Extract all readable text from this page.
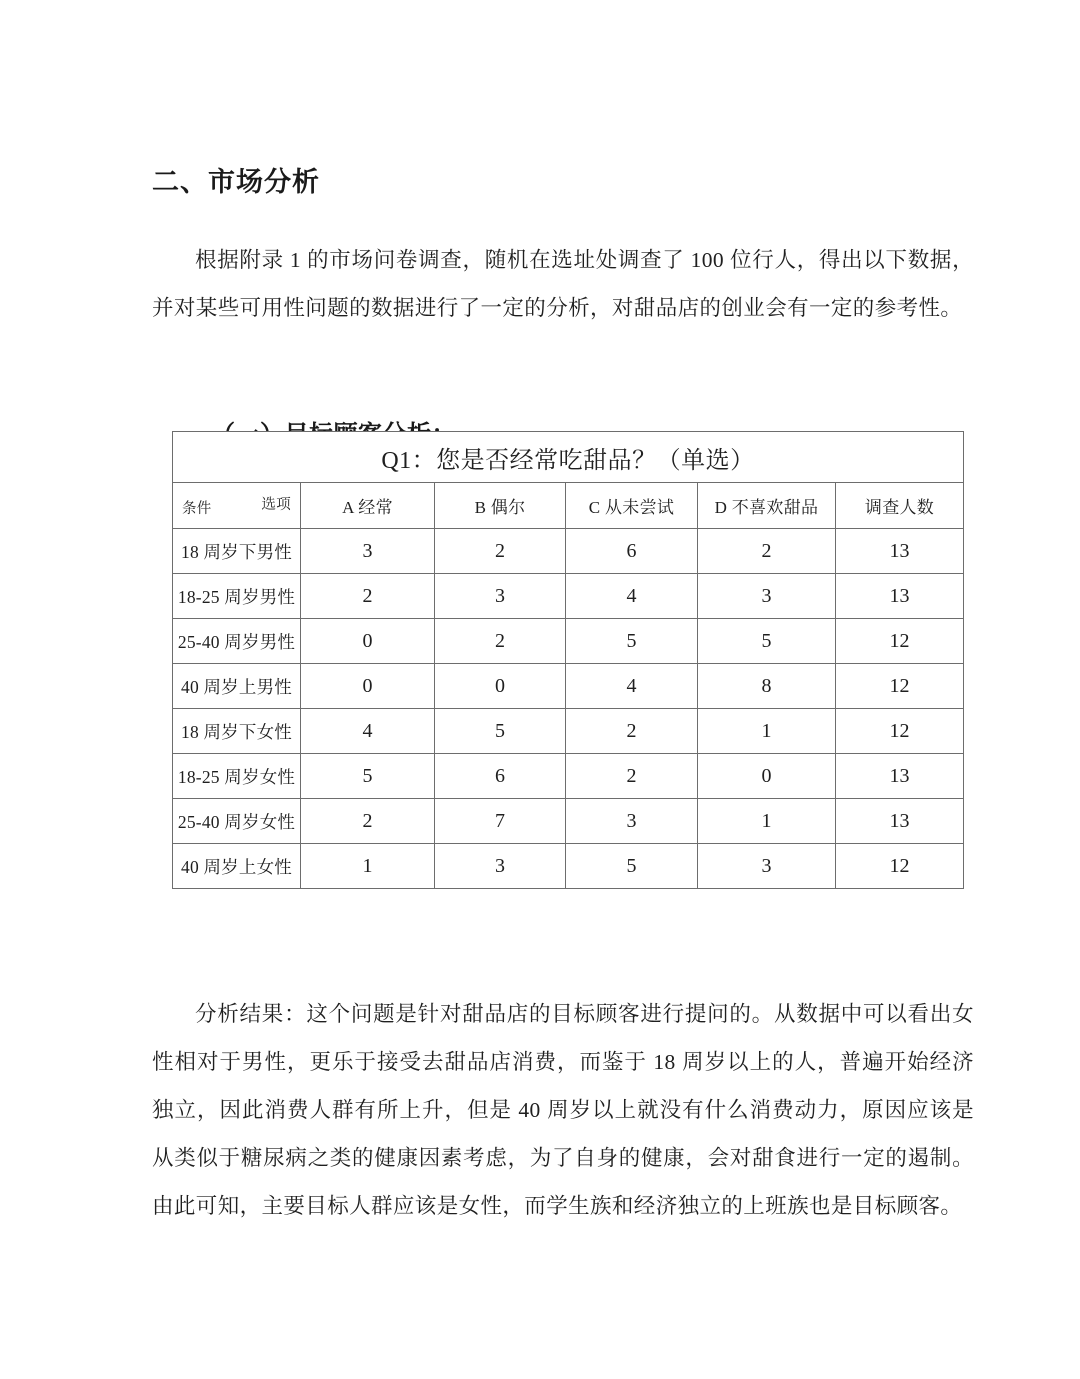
二、市场分析

根据附录 1 的市场问卷调查，随机在选址处调查了 100 位行人，得出以下数据，并对某些可用性问题的数据进行了一定的分析，对甜品店的创业会有一定的参考性。

Q1：您是否经常吃甜品？（单选）					

条件 选项	A 经常	B 偶尔	C 从未尝试	D 不喜欢甜品	调查人数
18 周岁下男性	3	2	6	2	13
18-25 周岁男性	2	3	4	3	13
25-40 周岁男性	0	2	5	5	12
40 周岁上男性	0	0	4	8	12
18 周岁下女性	4	5	2	1	12
18-25 周岁女性	5	6	2	0	13
25-40 周岁女性	2	7	3	1	13
40 周岁上女性	1	3	5	3	12

分析结果：这个问题是针对甜品店的目标顾客进行提问的。从数据中可以看出女性相对于男性，更乐于接受去甜品店消费，而鉴于 18 周岁以上的人，普遍开始经济独立，因此消费人群有所上升，但是 40 周岁以上就没有什么消费动力，原因应该是从类似于糖尿病之类的健康因素考虑，为了自身的健康，会对甜食进行一定的遏制。由此可知，主要目标人群应该是女性，而学生族和经济独立的上班族也是目标顾客。
